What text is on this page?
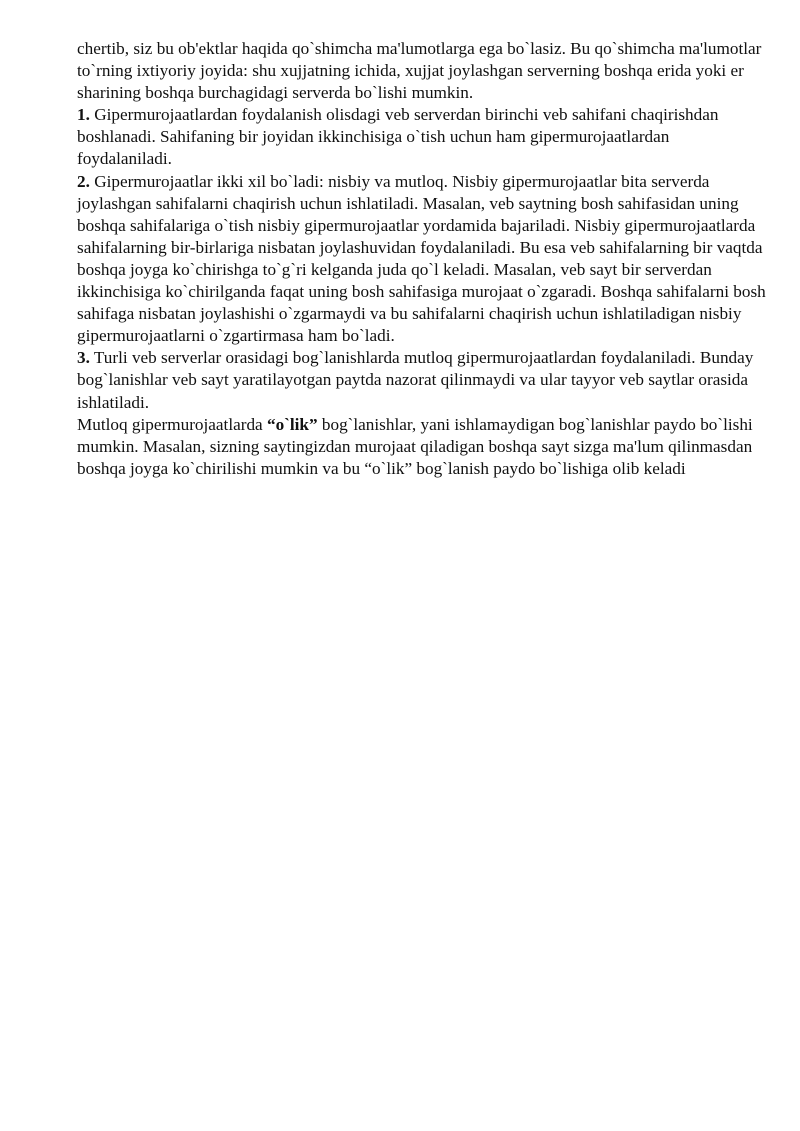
chertib, siz bu ob'ektlar haqida qo`shimcha ma'lumotlarga ega bo`lasiz. Bu qo`shimcha ma'lumotlar to`rning ixtiyoriy joyida: shu xujjatning ichida, xujjat joylashgan serverning boshqa erida yoki er sharining boshqa burchagidagi serverda bo`lishi mumkin.

1. Gipermurojaatlardan foydalanish olisdagi veb serverdan birinchi veb sahifani chaqirishdan boshlanadi. Sahifaning bir joyidan ikkinchisiga o`tish uchun ham gipermurojaatlardan foydalaniladi.

2. Gipermurojaatlar ikki xil bo`ladi: nisbiy va mutloq. Nisbiy gipermurojaatlar bita serverda joylashgan sahifalarni chaqirish uchun ishlatiladi. Masalan, veb saytning bosh sahifasidan uning boshqa sahifalariga o`tish nisbiy gipermurojaatlar yordamida bajariladi. Nisbiy gipermurojaatlarda sahifalarning bir-birlariga nisbatan joylashuvidan foydalaniladi. Bu esa veb sahifalarning bir vaqtda boshqa joyga ko`chirishga to`g`ri kelganda juda qo`l keladi. Masalan, veb sayt bir serverdan ikkinchisiga ko`chirilganda faqat uning bosh sahifasiga murojaat o`zgaradi. Boshqa sahifalarni bosh sahifaga nisbatan joylashishi o`zgarmaydi va bu sahifalarni chaqirish uchun ishlatiladigan nisbiy gipermurojaatlarni o`zgartirmasa ham bo`ladi.

3. Turli veb serverlar orasidagi bog`lanishlarda mutloq gipermurojaatlardan foydalaniladi. Bunday bog`lanishlar veb sayt yaratilayotgan paytda nazorat qilinmaydi va ular tayyor veb saytlar orasida ishlatiladi.

Mutloq gipermurojaatlarda “o`lik” bog`lanishlar, yani ishlamaydigan bog`lanishlar paydo bo`lishi mumkin. Masalan, sizning saytingizdan murojaat qiladigan boshqa sayt sizga ma'lum qilinmasdan boshqa joyga ko`chirilishi mumkin va bu “o`lik” bog`lanish paydo bo`lishiga olib keladi
